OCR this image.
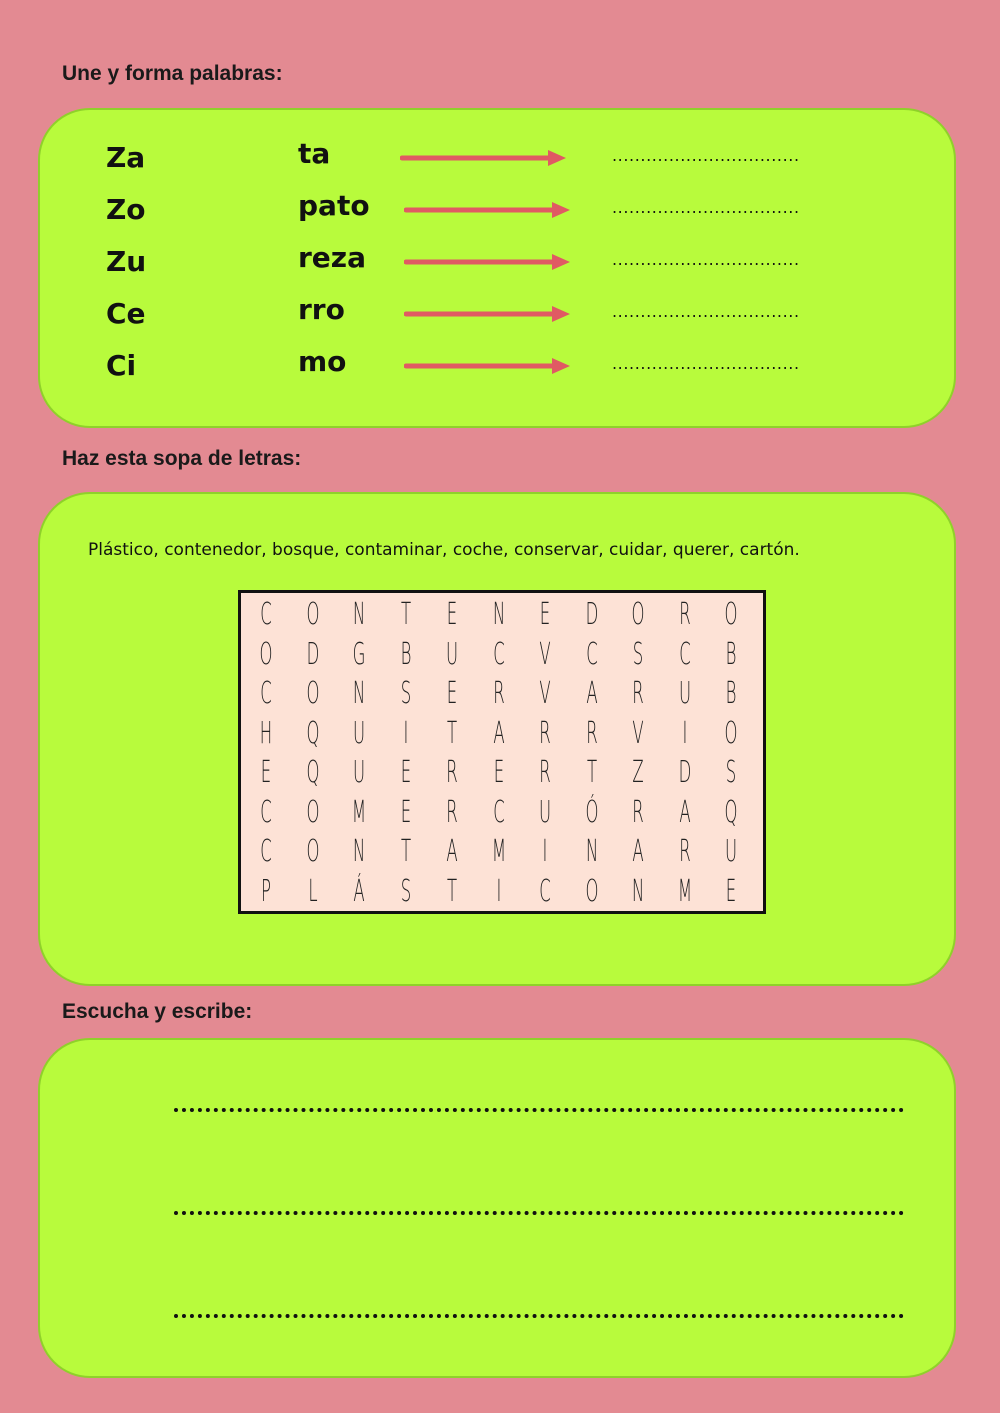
Une y forma palabras:
Za	ta	.................................
Zo	pato	.................................
Zu	reza	.................................
Ce	rro	.................................
Ci	mo	.................................
Haz esta sopa de letras:
Plástico, contenedor, bosque, contaminar, coche, conservar, cuidar, querer, cartón.
C O N T E N E D O R O
O D G B U C V C S C B
C O N S E R V A R U B
H Q U	I	T A R R V	I	O
E Q U E R E R T Z D S
C O M E R C U Ó R A Q
C O N T A M	I	N A R U
P L Á S T	I	C O N M E
Escucha y escribe:
